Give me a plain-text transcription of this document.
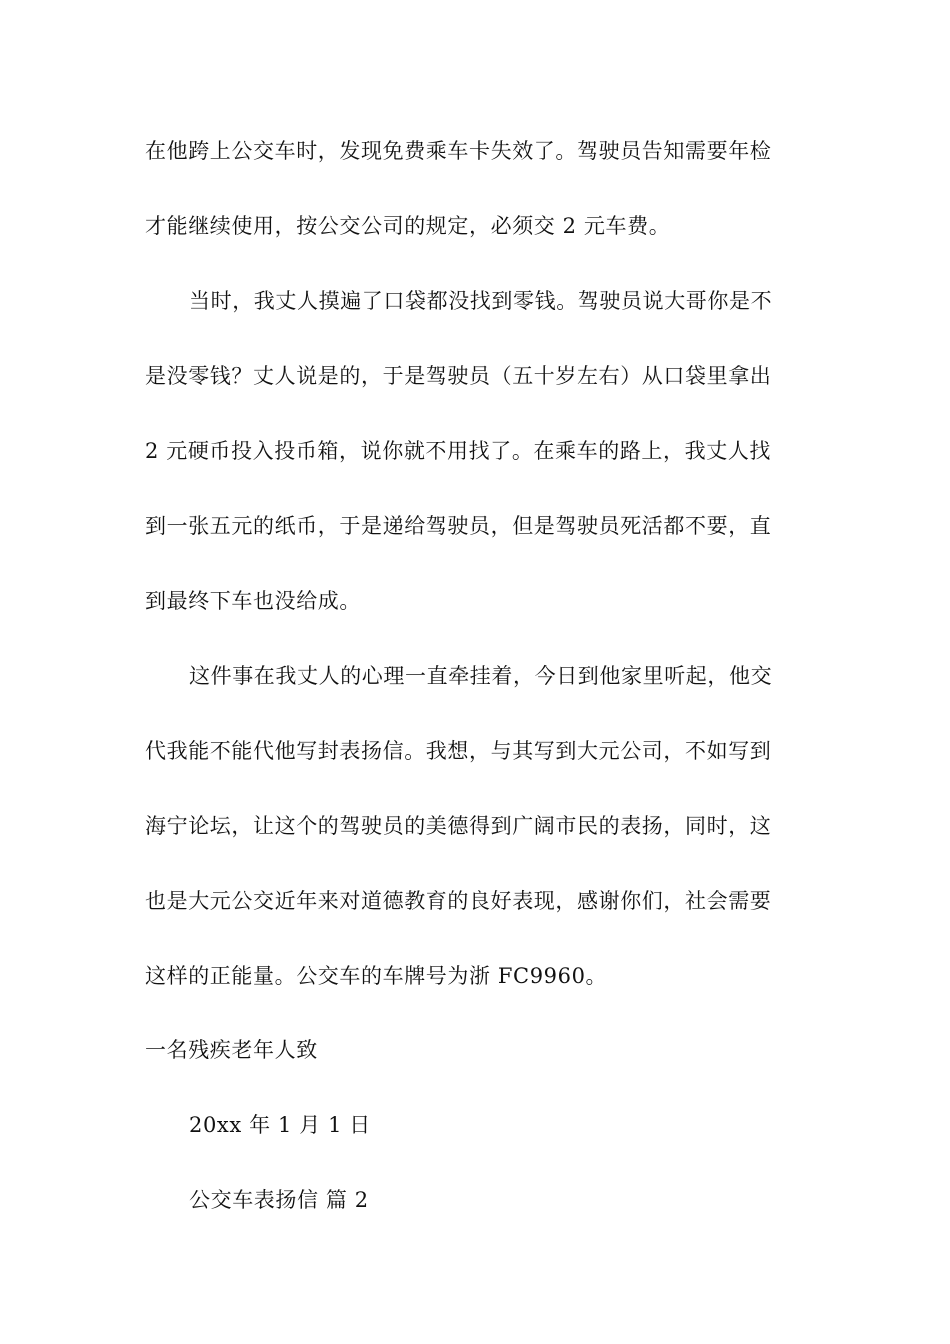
在他跨上公交车时，发现免费乘车卡失效了。驾驶员告知需要年检
才能继续使用，按公交公司的规定，必须交 2 元车费。
当时，我丈人摸遍了口袋都没找到零钱。驾驶员说大哥你是不
是没零钱？丈人说是的，于是驾驶员（五十岁左右）从口袋里拿出
2 元硬币投入投币箱，说你就不用找了。在乘车的路上，我丈人找
到一张五元的纸币，于是递给驾驶员，但是驾驶员死活都不要，直
到最终下车也没给成。
这件事在我丈人的心理一直牵挂着，今日到他家里听起，他交
代我能不能代他写封表扬信。我想，与其写到大元公司，不如写到
海宁论坛，让这个的驾驶员的美德得到广阔市民的表扬，同时，这
也是大元公交近年来对道德教育的良好表现，感谢你们，社会需要
这样的正能量。公交车的车牌号为浙 FC9960。
一名残疾老年人致
20xx 年 1 月 1 日
公交车表扬信 篇 2
